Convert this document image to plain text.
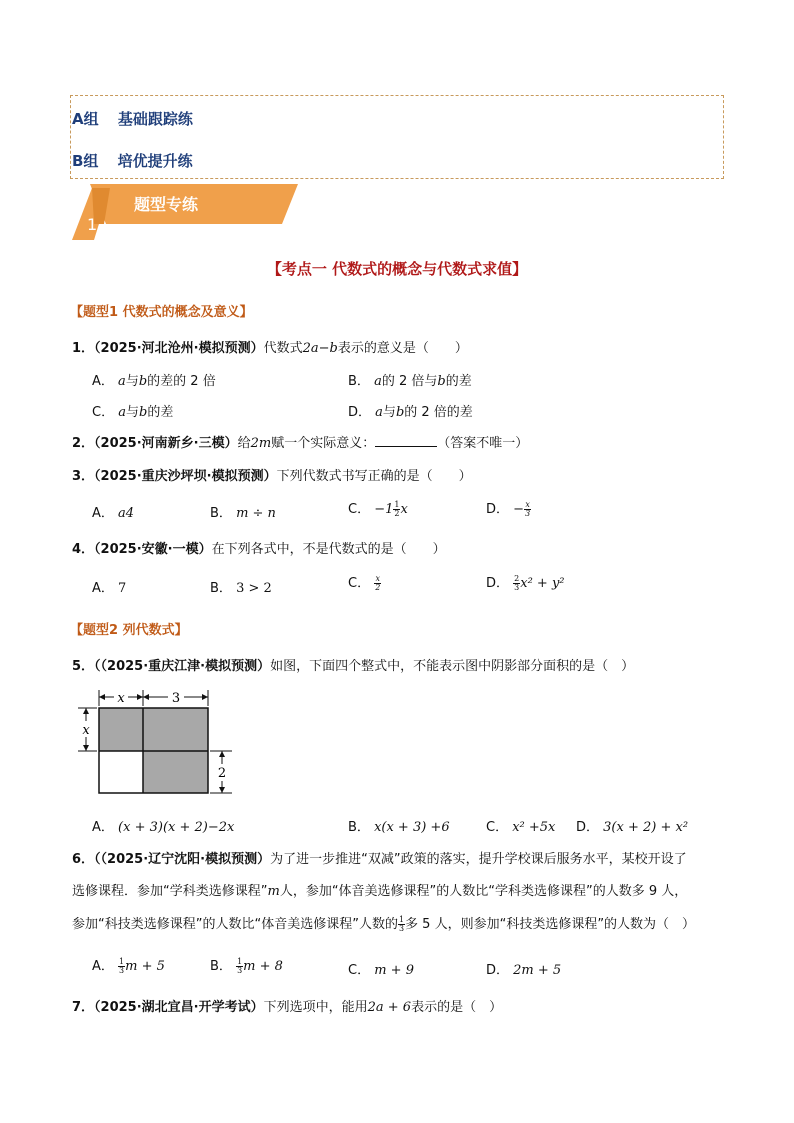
A组 基础跟踪练
B组 培优提升练
题型专练
1
【考点一 代数式的概念与代数式求值】
【题型1 代数式的概念及意义】
1．（2025·河北沧州·模拟预测）代数式2a−b表示的意义是（　　）
A． a与b的差的 2 倍	B． a的 2 倍与b的差
C． a与b的差	D． a与b的 2 倍的差
2．（2025·河南新乡·三模）给2m赋一个实际意义：	（答案不唯一）
3．（2025·重庆沙坪坝·模拟预测）下列代数式书写正确的是（　　）
A． a4	B． m ÷ n	C． $-1 \frac{1}{2}$ x	D． − $\frac{x}{3}$
4．（2025·安徽·一模）在下列各式中，不是代数式的是（　　）
A． 7	B． 3 > 2	C． $\frac{x}{2}$	D． $\frac{2}{3} x^2 + y^2$
【题型2 列代数式】
5．（（2025·重庆江津·模拟预测）如图，下面四个整式中，不能表示图中阴影部分面积的是（　）
x	3
x
2
A． (x + 3)(x + 2)−2x	B． x(x + 3) +6	C． x² +5x D． 3(x + 2) + x²
6．（（2025·辽宁沈阳·模拟预测）为了进一步推进“双减”政策的落实，提升学校课后服务水平，某校开设了
选修课程．参加“学科类选修课程”m人，参加“体音美选修课程”的人数比“学科类选修课程”的人数多 9 人，
参加“科技类选修课程”的人数比“体音美选修课程”人数的 $\frac{1}{3}$ 多 5 人，则参加“科技类选修课程”的人数为（　）
A． $\frac{1}{3}$ m + 5	B． $\frac{1}{3}$ m + 8	C． m + 9	D． 2m + 5
7．（2025·湖北宜昌·开学考试）下列选项中，能用2a + 6表示的是（　）
